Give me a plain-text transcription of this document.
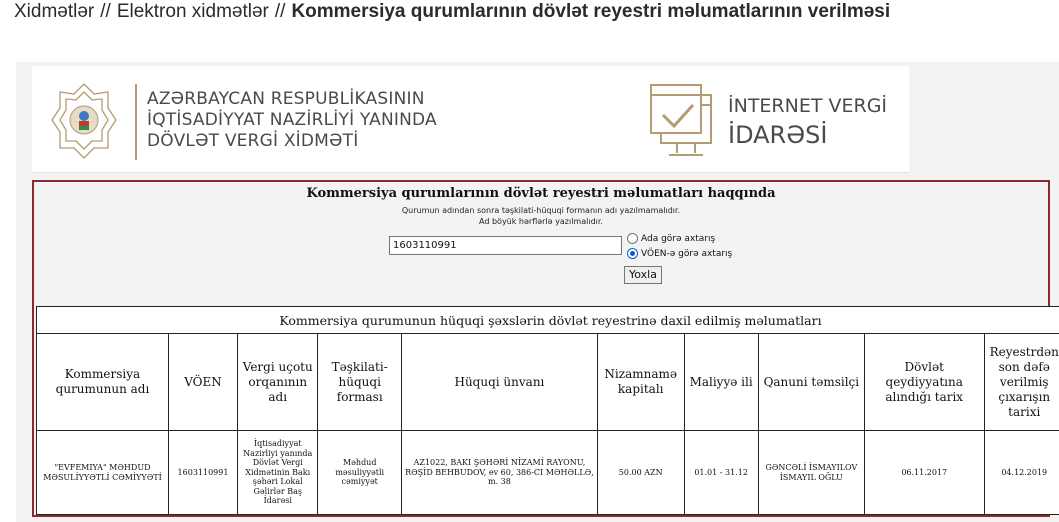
Xidmətlər // Elektron xidmətlər // Kommersiya qurumlarının dövlət reyestri məlumatlarının verilməsi
AZƏRBAYCAN RESPUBLİKASININ
İQTİSADİYYAT NAZİRLİYİ YANINDA
DÖVLƏT VERGİ XİDMƏTİ
İNTERNET VERGİ
İDARƏSİ
Kommersiya qurumlarının dövlət reyestri məlumatları haqqında
Qurumun adından sonra təşkilati-hüquqi formanın adı yazılmamalıdır.
Ad böyük hərflərlə yazılmalıdır.
1603110991
Ada görə axtarış
VÖEN-ə görə axtarış
Yoxla
Kommersiya qurumunun hüquqi şəxslərin dövlət reyestrinə daxil edilmiş məlumatları									
Kommersiya qurumunun adı	VÖEN	Vergi uçotu orqanının adı	Təşkilati-hüquqi forması	Hüquqi ünvanı	Nizamnamə kapitalı	Maliyyə ili	Qanuni təmsilçi	Dövlət qeydiyyatına alındığı tarix	Reyestrdən son dəfə verilmiş çıxarışın tarixi
"EVFEMIYA" MƏHDUD MƏSULİYYƏTLİ CƏMİYYƏTİ	1603110991	İqtisadiyyat Nazirliyi yanında Dövlət Vergi Xidmətinin Bakı şəhəri Lokal Gəlirlər Baş İdarəsi	Məhdud məsuliyyətli cəmiyyət	AZ1022, BAKI ŞƏHƏRİ NİZAMİ RAYONU, RƏŞİD BEHBUDOV, ev 60, 386-CI MƏHƏLLƏ, m. 38	50.00 AZN	01.01 - 31.12	GƏNCƏLİ İSMAYILOV İSMAYIL OĞLU	06.11.2017	04.12.2019
